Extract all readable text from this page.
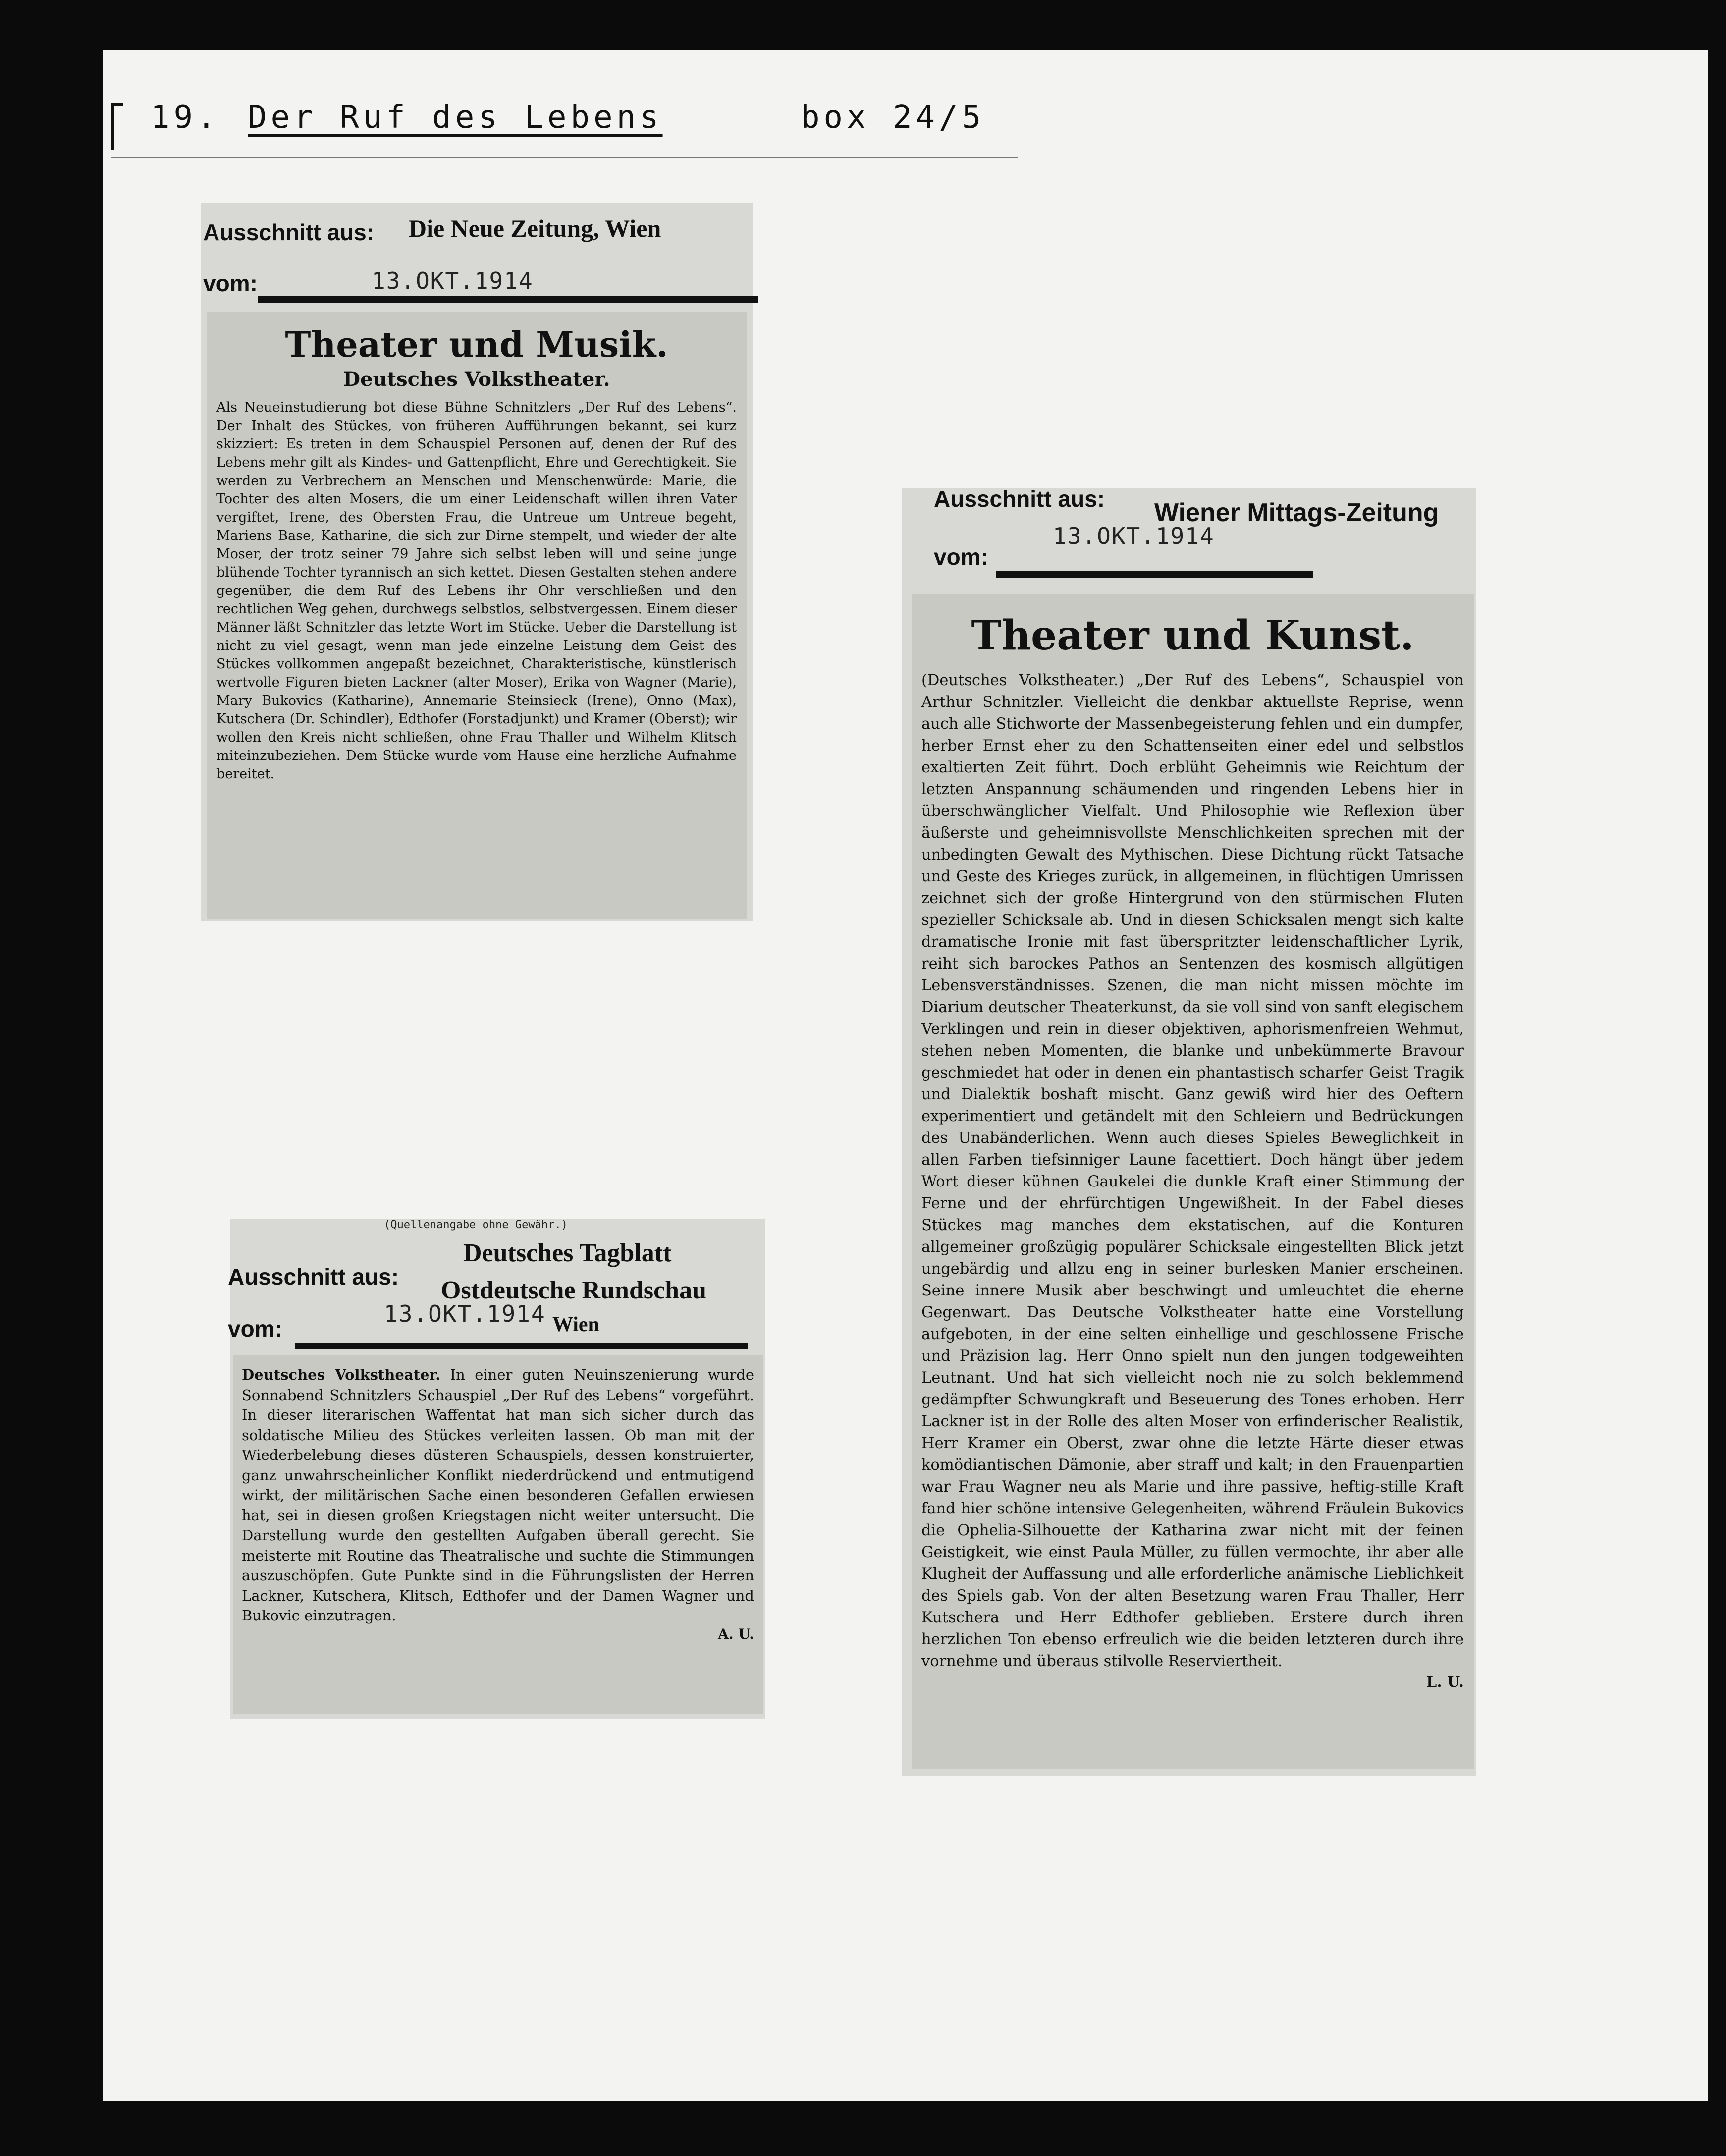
19. Der Ruf des Lebens	box 24/5
Ausschnitt aus: Die Neue Zeitung, Wien
vom:	13.OKT.1914
Theater und Musik.
Deutsches Volkstheater.
Als Neueinstudierung bot diese Bühne Schnitzlers „Der Ruf des Lebens“. Der Inhalt des Stückes, von früheren Aufführungen bekannt, sei kurz skizziert: Es treten in dem Schauspiel Personen auf, denen der Ruf des Lebens mehr gilt als Kindes- und Gattenpflicht, Ehre und Gerechtigkeit. Sie werden zu Verbrechern an Menschen und Menschenwürde: Marie, die Tochter des alten Mosers, die um einer Leidenschaft willen ihren Vater vergiftet, Irene, des Obersten Frau, die Untreue um Untreue begeht, Mariens Base, Katharine, die sich zur Dirne stempelt, und wieder der alte Moser, der trotz seiner 79 Jahre sich selbst leben will und seine junge blühende Tochter tyrannisch an sich kettet. Diesen Gestalten stehen andere gegenüber, die dem Ruf des Lebens ihr Ohr verschließen und den rechtlichen Weg gehen, durchwegs selbstlos, selbstvergessen. Einem dieser Männer läßt Schnitzler das letzte Wort im Stücke. Ueber die Darstellung ist nicht zu viel gesagt, wenn man jede einzelne Leistung dem Geist des Stückes vollkommen angepaßt bezeichnet, Charakteristische, künstlerisch wertvolle Figuren bieten Lackner (alter Moser), Erika von Wagner (Marie), Mary Bukovics (Katharine), Annemarie Steinsieck (Irene), Onno (Max), Kutschera (Dr. Schindler), Edthofer (Forstadjunkt) und Kramer (Oberst); wir wollen den Kreis nicht schließen, ohne Frau Thaller und Wilhelm Klitsch miteinzubeziehen. Dem Stücke wurde vom Hause eine herzliche Aufnahme bereitet.
Ausschnitt aus: Wiener Mittags-Zeitung
13.OKT.1914
vom:
Theater und Kunst.
(Deutsches Volkstheater.) „Der Ruf des Lebens“, Schauspiel von Arthur Schnitzler. Vielleicht die denkbar aktuellste Reprise, wenn auch alle Stichworte der Massenbegeisterung fehlen und ein dumpfer, herber Ernst eher zu den Schattenseiten einer edel und selbstlos exaltierten Zeit führt. Doch erblüht Geheimnis wie Reichtum der letzten Anspannung schäumenden und ringenden Lebens hier in überschwänglicher Vielfalt. Und Philosophie wie Reflexion über äußerste und geheimnisvollste Menschlichkeiten sprechen mit der unbedingten Gewalt des Mythischen. Diese Dichtung rückt Tatsache und Geste des Krieges zurück, in allgemeinen, in flüchtigen Umrissen zeichnet sich der große Hintergrund von den stürmischen Fluten spezieller Schicksale ab. Und in diesen Schicksalen mengt sich kalte dramatische Ironie mit fast überspritzter leidenschaftlicher Lyrik, reiht sich barockes Pathos an Sentenzen des kosmisch allgütigen Lebensverständnisses. Szenen, die man nicht missen möchte im Diarium deutscher Theaterkunst, da sie voll sind von sanft elegischem Verklingen und rein in dieser objektiven, aphorismenfreien Wehmut, stehen neben Momenten, die blanke und unbekümmerte Bravour geschmiedet hat oder in denen ein phantastisch scharfer Geist Tragik und Dialektik boshaft mischt. Ganz gewiß wird hier des Oeftern experimentiert und getändelt mit den Schleiern und Bedrückungen des Unabänderlichen. Wenn auch dieses Spieles Beweglichkeit in allen Farben tiefsinniger Laune facettiert. Doch hängt über jedem Wort dieser kühnen Gaukelei die dunkle Kraft einer Stimmung der Ferne und der ehrfürchtigen Ungewißheit. In der Fabel dieses Stückes mag manches dem ekstatischen, auf die Konturen allgemeiner großzügig populärer Schicksale eingestellten Blick jetzt ungebärdig und allzu eng in seiner burlesken Manier erscheinen. Seine innere Musik aber beschwingt und umleuchtet die eherne Gegenwart. Das Deutsche Volkstheater hatte eine Vorstellung aufgeboten, in der eine selten einhellige und geschlossene Frische und Präzision lag. Herr Onno spielt nun den jungen todgeweihten Leutnant. Und hat sich vielleicht noch nie zu solch beklemmend gedämpfter Schwungkraft und Beseuerung des Tones erhoben. Herr Lackner ist in der Rolle des alten Moser von erfinderischer Realistik, Herr Kramer ein Oberst, zwar ohne die letzte Härte dieser etwas komödiantischen Dämonie, aber straff und kalt; in den Frauenpartien war Frau Wagner neu als Marie und ihre passive, heftig-stille Kraft fand hier schöne intensive Gelegenheiten, während Fräulein Bukovics die Ophelia-Silhouette der Katharina zwar nicht mit der feinen Geistigkeit, wie einst Paula Müller, zu füllen vermochte, ihr aber alle Klugheit der Auffassung und alle erforderliche anämische Lieblichkeit des Spiels gab. Von der alten Besetzung waren Frau Thaller, Herr Kutschera und Herr Edthofer geblieben. Erstere durch ihren herzlichen Ton ebenso erfreulich wie die beiden letzteren durch ihre vornehme und überaus stilvolle Reserviertheit.
L. U.
(Quellenangabe ohne Gewähr.)
Ausschnitt aus:
Deutsches Tagblatt
Ostdeutsche Rundschau
Wien
vom:
13.OKT.1914
Deutsches Volkstheater. In einer guten Neuinszenierung wurde Sonnabend Schnitzlers Schauspiel „Der Ruf des Lebens“ vorgeführt. In dieser literarischen Waffentat hat man sich sicher durch das soldatische Milieu des Stückes verleiten lassen. Ob man mit der Wiederbelebung dieses düsteren Schauspiels, dessen konstruierter, ganz unwahrscheinlicher Konflikt niederdrückend und entmutigend wirkt, der militärischen Sache einen besonderen Gefallen erwiesen hat, sei in diesen großen Kriegstagen nicht weiter untersucht. Die Darstellung wurde den gestellten Aufgaben überall gerecht. Sie meisterte mit Routine das Theatralische und suchte die Stimmungen auszuschöpfen. Gute Punkte sind in die Führungslisten der Herren Lackner, Kutschera, Klitsch, Edthofer und der Damen Wagner und Bukovic einzutragen.
A. U.
